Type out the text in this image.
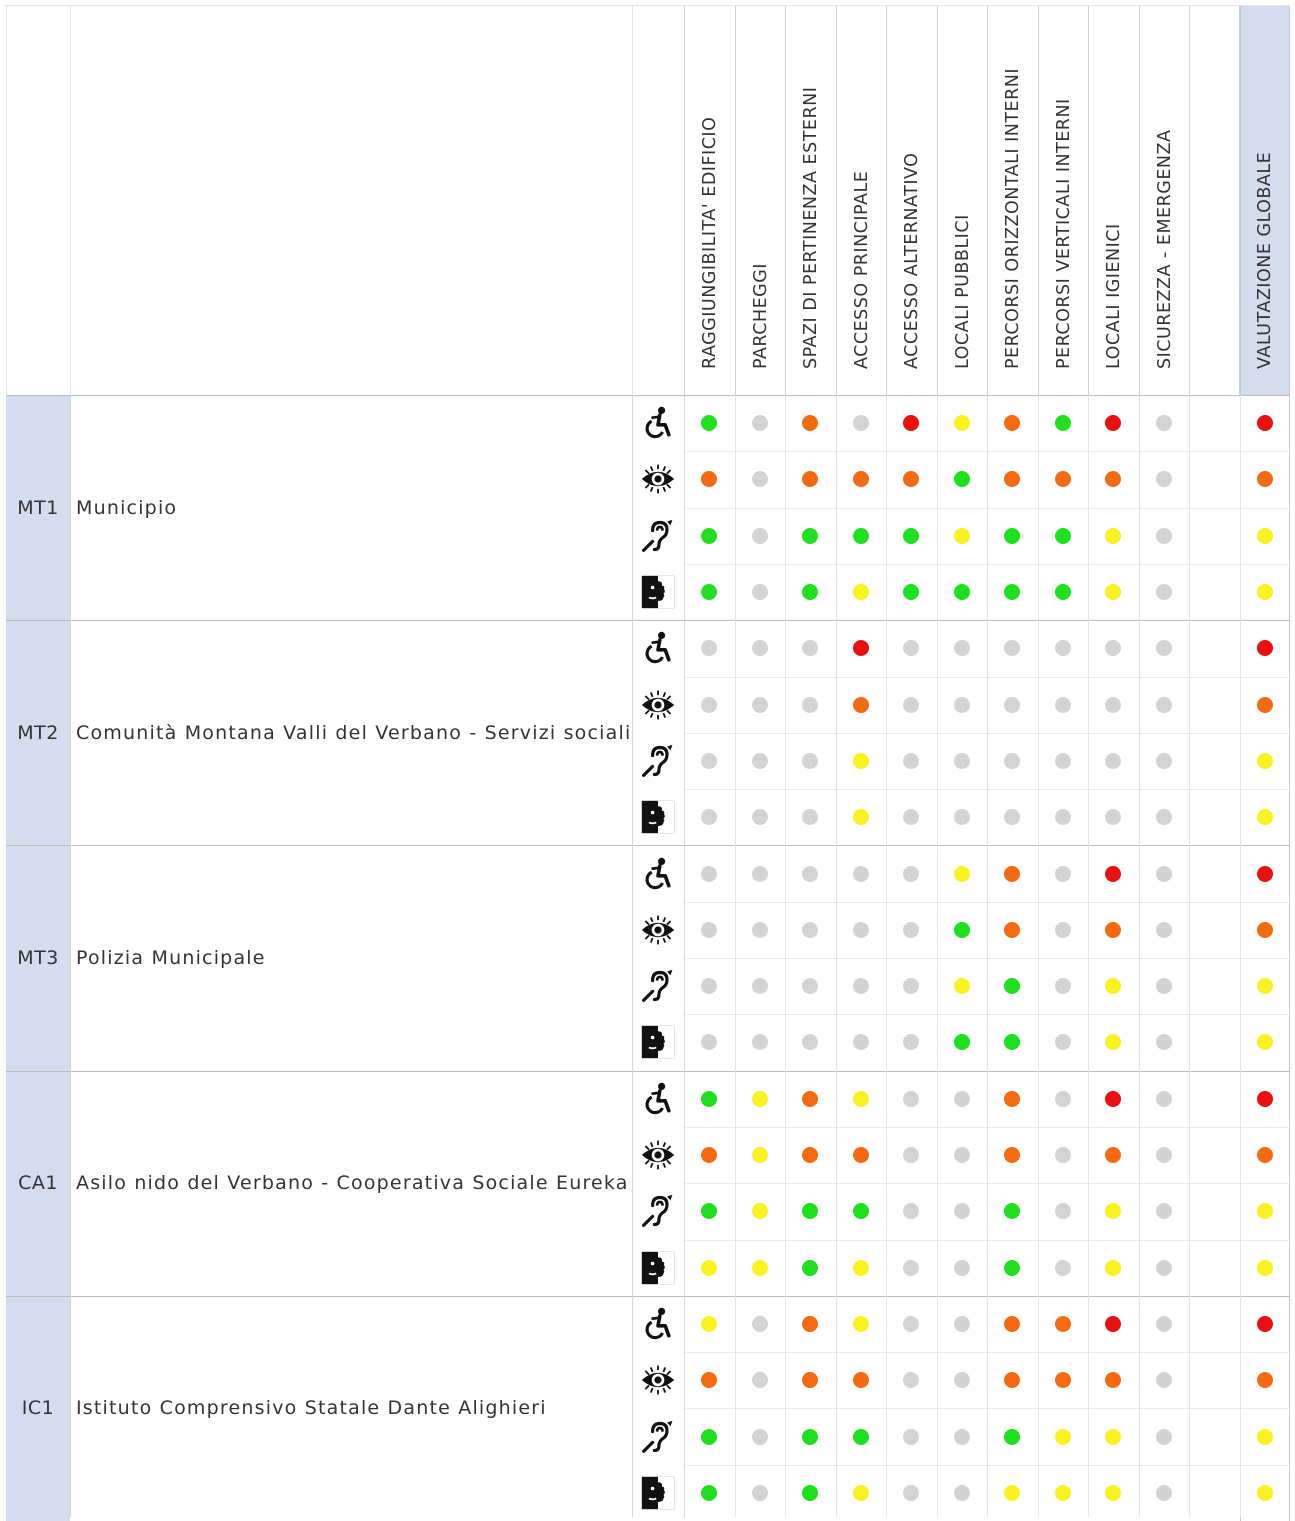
RAGGIUNGIBILITA' EDIFICIO PARCHEGGI SPAZI DI PERTINENZA ESTERNI ACCESSO PRINCIPALE ACCESSO ALTERNATIVO LOCALI PUBBLICI PERCORSI ORIZZONTALI INTERNI PERCORSI VERTICALI INTERNI LOCALI IGIENICI SICUREZZA - EMERGENZA	VALUTAZIONE GLOBALE
MT1 Municipio
MT2 Comunità Montana Valli del Verbano - Servizi sociali
MT3 Polizia Municipale
CA1 Asilo nido del Verbano - Cooperativa Sociale Eureka
IC1	Istituto Comprensivo Statale Dante Alighieri
